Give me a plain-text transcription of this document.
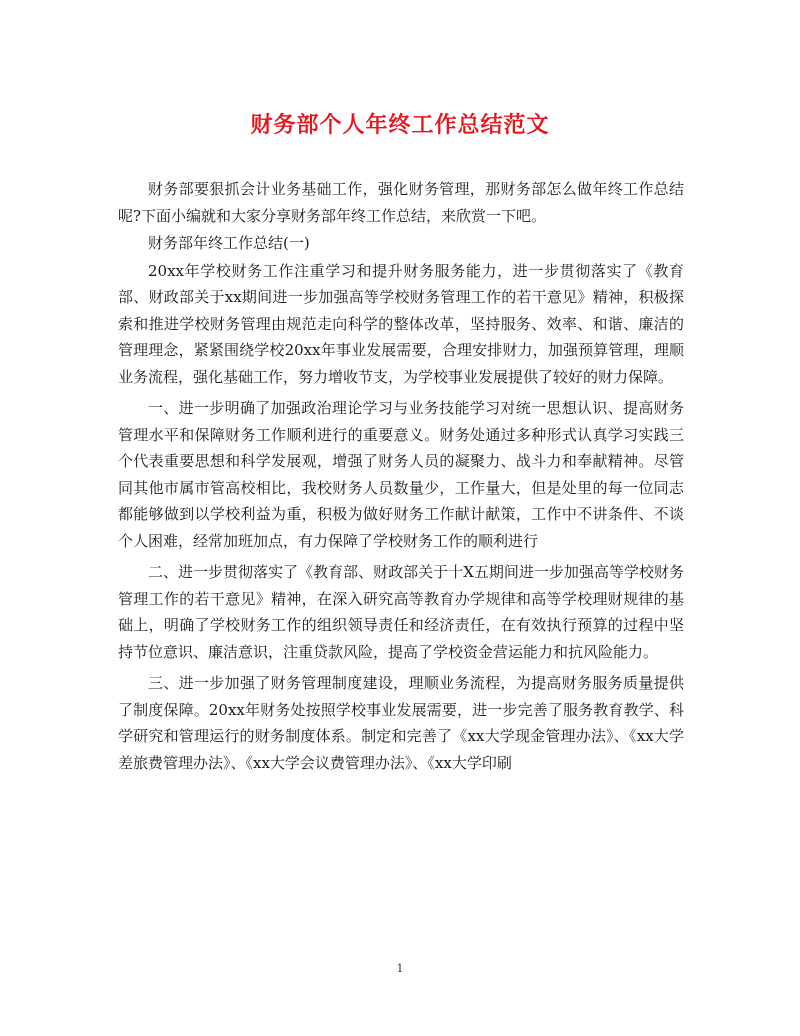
财务部个人年终工作总结范文

财务部要狠抓会计业务基础工作，强化财务管理，那财务部怎么做年终工作总结呢?下面小编就和大家分享财务部年终工作总结，来欣赏一下吧。

财务部年终工作总结(一)

20xx年学校财务工作注重学习和提升财务服务能力，进一步贯彻落实了《教育部、财政部关于xx期间进一步加强高等学校财务管理工作的若干意见》精神，积极探索和推进学校财务管理由规范走向科学的整体改革，坚持服务、效率、和谐、廉洁的管理理念，紧紧围绕学校20xx年事业发展需要，合理安排财力，加强预算管理，理顺业务流程，强化基础工作，努力增收节支，为学校事业发展提供了较好的财力保障。

一、进一步明确了加强政治理论学习与业务技能学习对统一思想认识、提高财务管理水平和保障财务工作顺利进行的重要意义。财务处通过多种形式认真学习实践三个代表重要思想和科学发展观，增强了财务人员的凝聚力、战斗力和奉献精神。尽管同其他市属市管高校相比，我校财务人员数量少，工作量大，但是处里的每一位同志都能够做到以学校利益为重，积极为做好财务工作献计献策，工作中不讲条件、不谈个人困难，经常加班加点，有力保障了学校财务工作的顺利进行

二、进一步贯彻落实了《教育部、财政部关于十X五期间进一步加强高等学校财务管理工作的若干意见》精神，在深入研究高等教育办学规律和高等学校理财规律的基础上，明确了学校财务工作的组织领导责任和经济责任，在有效执行预算的过程中坚持节位意识、廉洁意识，注重贷款风险，提高了学校资金营运能力和抗风险能力。

三、进一步加强了财务管理制度建设，理顺业务流程，为提高财务服务质量提供了制度保障。20xx年财务处按照学校事业发展需要，进一步完善了服务教育教学、科学研究和管理运行的财务制度体系。制定和完善了《xx大学现金管理办法》、《xx大学差旅费管理办法》、《xx大学会议费管理办法》、《xx大学印刷

1
